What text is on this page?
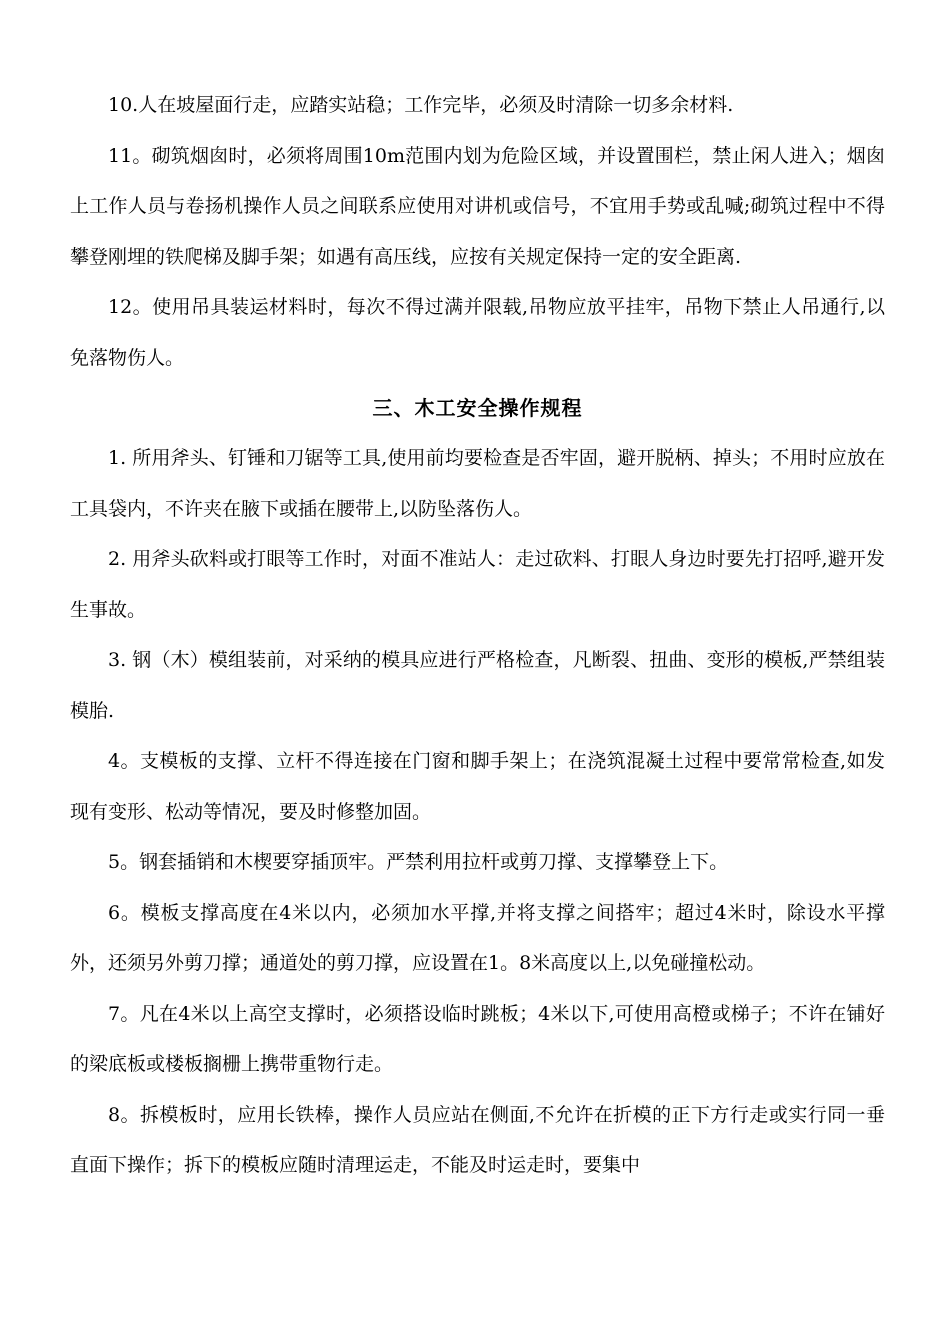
10.人在坡屋面行走，应踏实站稳；工作完毕，必须及时清除一切多余材料.

11。砌筑烟囱时，必须将周围10m范围内划为危险区域，并设置围栏，禁止闲人进入；烟囱上工作人员与卷扬机操作人员之间联系应使用对讲机或信号，不宜用手势或乱喊;砌筑过程中不得攀登刚埋的铁爬梯及脚手架；如遇有高压线，应按有关规定保持一定的安全距离.

12。使用吊具装运材料时，每次不得过满并限载,吊物应放平挂牢，吊物下禁止人吊通行,以免落物伤人。

三、木工安全操作规程

1. 所用斧头、钉锤和刀锯等工具,使用前均要检查是否牢固，避开脱柄、掉头；不用时应放在工具袋内，不许夹在腋下或插在腰带上,以防坠落伤人。

2. 用斧头砍料或打眼等工作时，对面不准站人：走过砍料、打眼人身边时要先打招呼,避开发生事故。

3. 钢（木）模组装前，对采纳的模具应进行严格检查，凡断裂、扭曲、变形的模板,严禁组装模胎.

4。支模板的支撑、立杆不得连接在门窗和脚手架上；在浇筑混凝土过程中要常常检查,如发现有变形、松动等情况，要及时修整加固。

5。钢套插销和木楔要穿插顶牢。严禁利用拉杆或剪刀撑、支撑攀登上下。

6。模板支撑高度在4米以内，必须加水平撑,并将支撑之间搭牢；超过4米时，除设水平撑外，还须另外剪刀撑；通道处的剪刀撑，应设置在1。8米高度以上,以免碰撞松动。

7。凡在4米以上高空支撑时，必须搭设临时跳板；4米以下,可使用高橙或梯子；不许在铺好的梁底板或楼板搁栅上携带重物行走。

8。拆模板时，应用长铁棒，操作人员应站在侧面,不允许在折模的正下方行走或实行同一垂直面下操作；拆下的模板应随时清理运走，不能及时运走时，要集中
